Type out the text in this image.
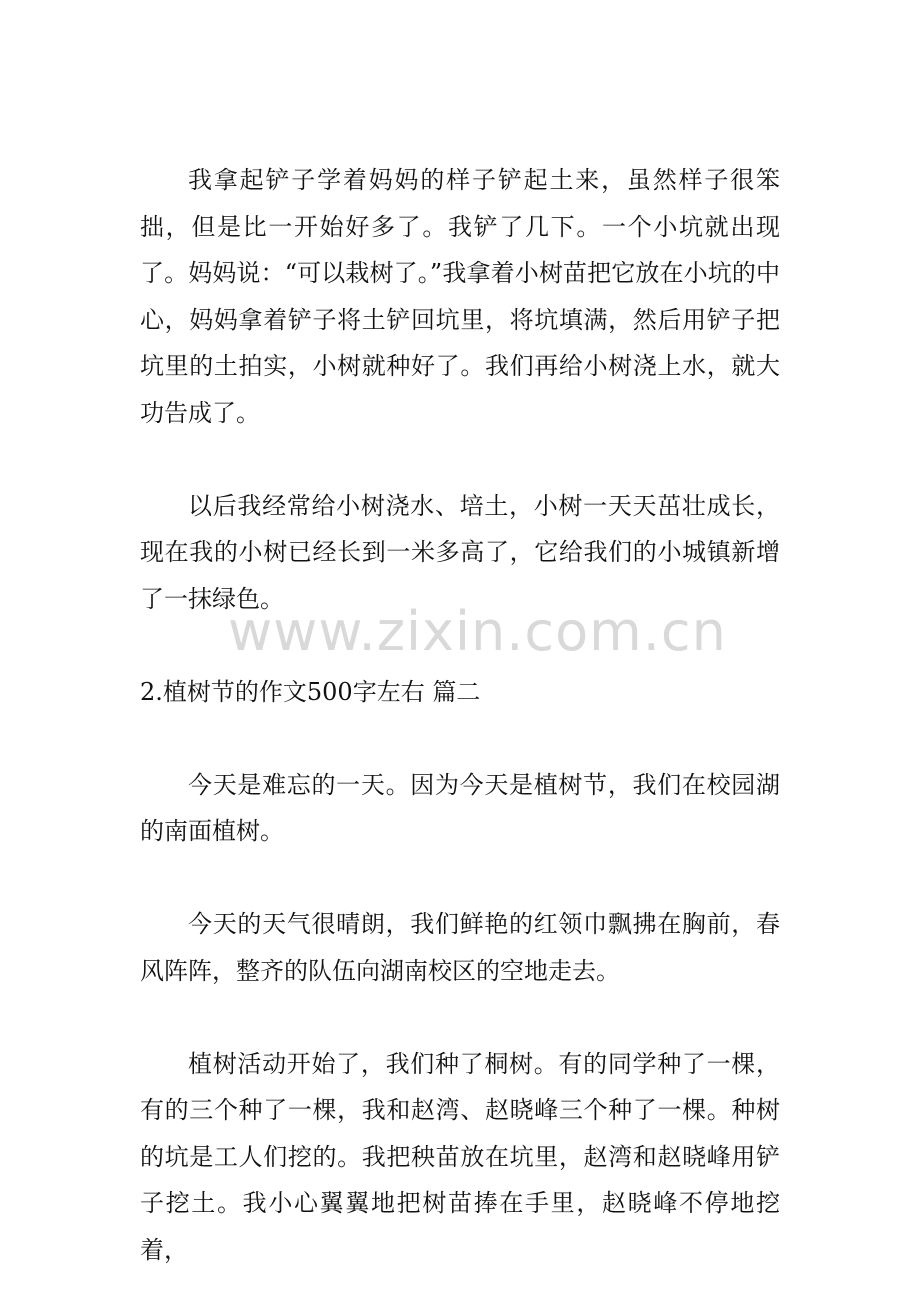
我拿起铲子学着妈妈的样子铲起土来，虽然样子很笨拙，但是比一开始好多了。我铲了几下。一个小坑就出现了。妈妈说：“可以栽树了。”我拿着小树苗把它放在小坑的中心，妈妈拿着铲子将土铲回坑里，将坑填满，然后用铲子把坑里的土拍实，小树就种好了。我们再给小树浇上水，就大功告成了。

以后我经常给小树浇水、培土，小树一天天茁壮成长，现在我的小树已经长到一米多高了，它给我们的小城镇新增了一抹绿色。

2.植树节的作文500字左右 篇二

今天是难忘的一天。因为今天是植树节，我们在校园湖的南面植树。

今天的天气很晴朗，我们鲜艳的红领巾飘拂在胸前，春风阵阵，整齐的队伍向湖南校区的空地走去。

植树活动开始了，我们种了桐树。有的同学种了一棵，有的三个种了一棵，我和赵湾、赵晓峰三个种了一棵。种树的坑是工人们挖的。我把秧苗放在坑里，赵湾和赵晓峰用铲子挖土。我小心翼翼地把树苗捧在手里，赵晓峰不停地挖着，

www.zixin.com.cn
